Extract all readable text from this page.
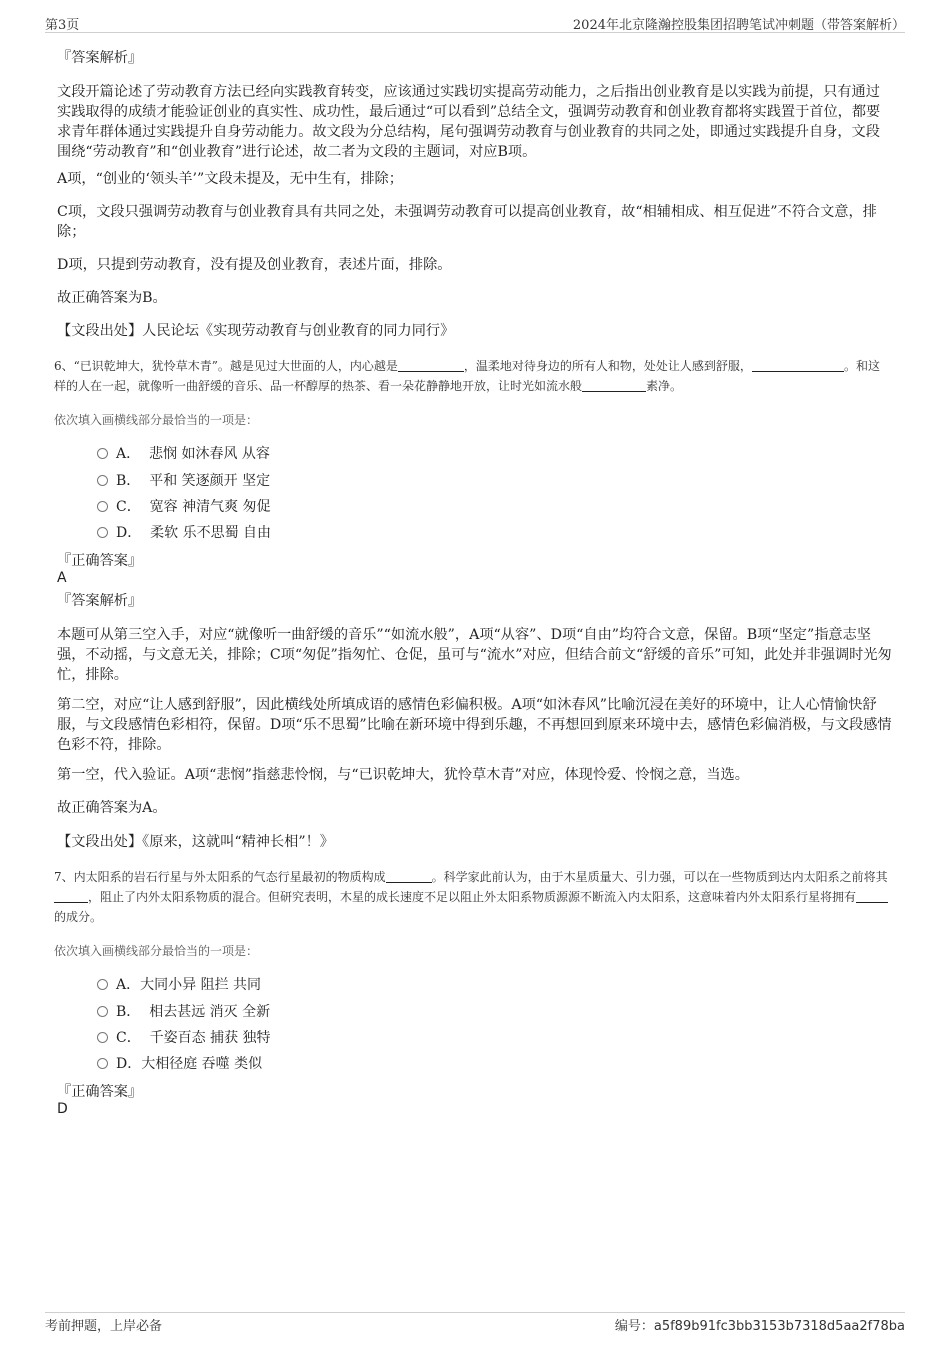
第3页	2024年北京隆瀚控股集团招聘笔试冲刺题（带答案解析）
『答案解析』
文段开篇论述了劳动教育方法已经向实践教育转变，应该通过实践切实提高劳动能力，之后指出创业教育是以实践为前提，只有通过实践取得的成绩才能验证创业的真实性、成功性，最后通过“可以看到”总结全文，强调劳动教育和创业教育都将实践置于首位，都要求青年群体通过实践提升自身劳动能力。故文段为分总结构，尾句强调劳动教育与创业教育的共同之处，即通过实践提升自身，文段围绕“劳动教育”和“创业教育”进行论述，故二者为文段的主题词，对应B项。
A项，“创业的‘领头羊’”文段未提及，无中生有，排除；
C项，文段只强调劳动教育与创业教育具有共同之处，未强调劳动教育可以提高创业教育，故“相辅相成、相互促进”不符合文意，排除；
D项，只提到劳动教育，没有提及创业教育，表述片面，排除。
故正确答案为B。
【文段出处】人民论坛《实现劳动教育与创业教育的同力同行》
6、“已识乾坤大，犹怜草木青”。越是见过大世面的人，内心越是	，温柔地对待身边的所有人和物，处处让人感到舒服，	。和这样的人在一起，就像听一曲舒缓的音乐、品一杯醇厚的热茶、看一朵花静静地开放，让时光如流水般	素净。
依次填入画横线部分最恰当的一项是：
A． 悲悯 如沐春风 从容
B． 平和 笑逐颜开 坚定
C． 宽容 神清气爽 匆促
D． 柔软 乐不思蜀 自由
『正确答案』
A
『答案解析』
本题可从第三空入手，对应“就像听一曲舒缓的音乐”“如流水般”，A项“从容”、D项“自由”均符合文意，保留。B项“坚定”指意志坚强，不动摇，与文意无关，排除；C项“匆促”指匆忙、仓促，虽可与“流水”对应，但结合前文“舒缓的音乐”可知，此处并非强调时光匆忙，排除。
第二空，对应“让人感到舒服”，因此横线处所填成语的感情色彩偏积极。A项“如沐春风”比喻沉浸在美好的环境中，让人心情愉快舒服，与文段感情色彩相符，保留。D项“乐不思蜀”比喻在新环境中得到乐趣，不再想回到原来环境中去，感情色彩偏消极，与文段感情色彩不符，排除。
第一空，代入验证。A项“悲悯”指慈悲怜悯，与“已识乾坤大，犹怜草木青”对应，体现怜爱、怜悯之意，当选。
故正确答案为A。
【文段出处】《原来，这就叫“精神长相”！》
7、内太阳系的岩石行星与外太阳系的气态行星最初的物质构成	。科学家此前认为，由于木星质量大、引力强，可以在一些物质到达内太阳系之前将其，阻止了内外太阳系物质的混合。但研究表明，木星的成长速度不足以阻止外太阳系物质源源不断流入内太阳系，这意味着内外太阳系行星将拥有的成分。
依次填入画横线部分最恰当的一项是：
A．大同小异 阻拦 共同
B． 相去甚远 消灭 全新
C． 千姿百态 捕获 独特
D．大相径庭 吞噬 类似
『正确答案』
D
考前押题，上岸必备	编号：a5f89b91fc3bb3153b7318d5aa2f78ba
